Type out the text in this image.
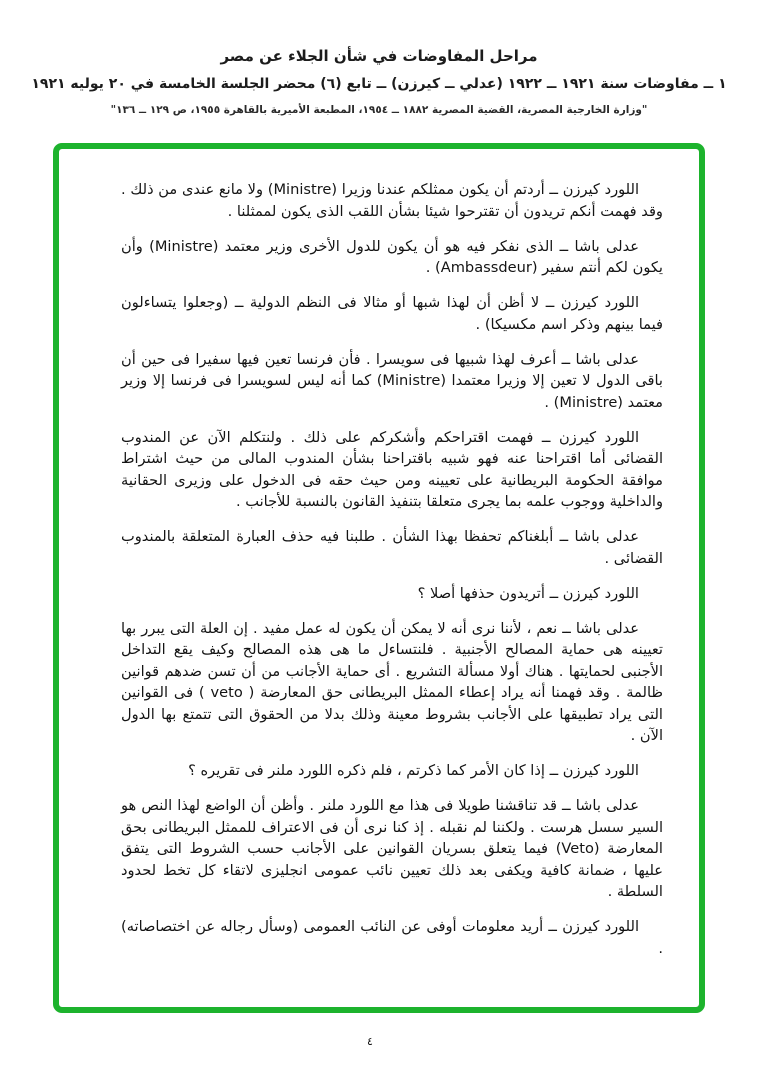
مراحل المفاوضات في شأن الجلاء عن مصر

١ ــ مفاوضات سنة ١٩٢١ ــ ١٩٢٢ (عدلي ــ كيرزن) ــ تابع (٦) محضر الجلسة الخامسة في ٢٠ يوليه ١٩٢١

"وزارة الخارجية المصرية، القضية المصرية ١٨٨٢ ــ ١٩٥٤، المطبعة الأميرية بالقاهرة ١٩٥٥، ص ١٢٩ ــ ١٣٦"

اللورد كيرزن ــ أردتم أن يكون ممثلكم عندنا وزيرا (Ministre) ولا مانع عندى من ذلك . وقد فهمت أنكم تريدون أن تقترحوا شيئا بشأن اللقب الذى يكون لممثلنا .

عدلى باشا ــ الذى نفكر فيه هو أن يكون للدول الأخرى وزير معتمد (Ministre) وأن يكون لكم أنتم سفير (Ambassdeur) .

اللورد كيرزن ــ لا أظن أن لهذا شبها أو مثالا فى النظم الدولية ــ (وجعلوا يتساءلون فيما بينهم وذكر اسم مكسيكا) .

عدلى باشا ــ أعرف لهذا شبيها فى سويسرا . فأن فرنسا تعين فيها سفيرا فى حين أن باقى الدول لا تعين إلا وزيرا معتمدا (Ministre) كما أنه ليس لسويسرا فى فرنسا إلا وزير معتمد (Ministre) .

اللورد كيرزن ــ فهمت اقتراحكم وأشكركم على ذلك . ولنتكلم الآن عن المندوب القضائى أما اقتراحنا عنه فهو شبيه باقتراحنا بشأن المندوب المالى من حيث اشتراط موافقة الحكومة البريطانية على تعيينه ومن حيث حقه فى الدخول على وزيرى الحقانية والداخلية ووجوب علمه بما يجرى متعلقا بتنفيذ القانون بالنسبة للأجانب .

عدلى باشا ــ أبلغناكم تحفظا بهذا الشأن . طلبنا فيه حذف العبارة المتعلقة بالمندوب القضائى .

اللورد كيرزن ــ أتريدون حذفها أصلا ؟

عدلى باشا ــ نعم ، لأننا نرى أنه لا يمكن أن يكون له عمل مفيد . إن العلة التى يبرر بها تعيينه هى حماية المصالح الأجنبية . فلنتساءل ما هى هذه المصالح وكيف يقع التداخل الأجنبى لحمايتها . هناك أولا مسألة التشريع . أى حماية الأجانب من أن تسن ضدهم قوانين ظالمة . وقد فهمنا أنه يراد إعطاء الممثل البريطانى حق المعارضة ( veto ) فى القوانين التى يراد تطبيقها على الأجانب بشروط معينة وذلك بدلا من الحقوق التى تتمتع بها الدول الآن .

اللورد كيرزن ــ إذا كان الأمر كما ذكرتم ، فلم ذكره اللورد ملنر فى تقريره ؟

عدلى باشا ــ قد تناقشنا طويلا فى هذا مع اللورد ملنر . وأظن أن الواضع لهذا النص هو السير سسل هرست . ولكننا لم نقبله . إذ كنا نرى أن فى الاعتراف للممثل البريطانى بحق المعارضة (Veto) فيما يتعلق بسريان القوانين على الأجانب حسب الشروط التى يتفق عليها ، ضمانة كافية ويكفى بعد ذلك تعيين نائب عمومى انجليزى لاتقاء كل تخط لحدود السلطة .

اللورد كيرزن ــ أريد معلومات أوفى عن النائب العمومى (وسأل رجاله عن اختصاصاته) .

٤
